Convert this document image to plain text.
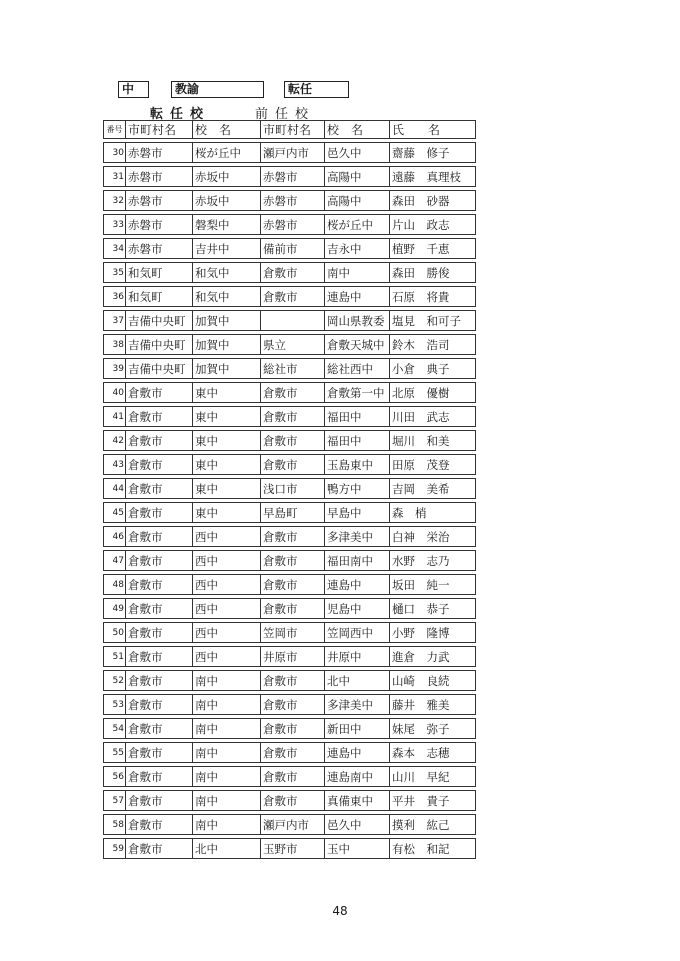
中	教諭	転任
転任校	前任校
番号	市町村名	校　名	市町村名	校　名	氏　　名

30	赤磐市	桜が丘中	瀬戸内市	邑久中	齋藤　修子

31	赤磐市	赤坂中	赤磐市	高陽中	遠藤　真理枝

32	赤磐市	赤坂中	赤磐市	高陽中	森田　砂器

33	赤磐市	磐梨中	赤磐市	桜が丘中	片山　政志

34	赤磐市	吉井中	備前市	吉永中	植野　千恵

35	和気町	和気中	倉敷市	南中	森田　勝俊

36	和気町	和気中	倉敷市	連島中	石原　将貴

37	吉備中央町	加賀中		岡山県教委	塩見　和可子

38	吉備中央町	加賀中	県立	倉敷天城中	鈴木　浩司

39	吉備中央町	加賀中	総社市	総社西中	小倉　典子

40	倉敷市	東中	倉敷市	倉敷第一中	北原　優樹

41	倉敷市	東中	倉敷市	福田中	川田　武志

42	倉敷市	東中	倉敷市	福田中	堀川　和美

43	倉敷市	東中	倉敷市	玉島東中	田原　茂登

44	倉敷市	東中	浅口市	鴨方中	吉岡　美希

45	倉敷市	東中	早島町	早島中	森　梢

46	倉敷市	西中	倉敷市	多津美中	白神　栄治

47	倉敷市	西中	倉敷市	福田南中	水野　志乃

48	倉敷市	西中	倉敷市	連島中	坂田　純一

49	倉敷市	西中	倉敷市	児島中	樋口　恭子

50	倉敷市	西中	笠岡市	笠岡西中	小野　隆博

51	倉敷市	西中	井原市	井原中	進倉　力武

52	倉敷市	南中	倉敷市	北中	山崎　良続

53	倉敷市	南中	倉敷市	多津美中	藤井　雅美

54	倉敷市	南中	倉敷市	新田中	妹尾　弥子

55	倉敷市	南中	倉敷市	連島中	森本　志穂

56	倉敷市	南中	倉敷市	連島南中	山川　早紀

57	倉敷市	南中	倉敷市	真備東中	平井　貴子

58	倉敷市	南中	瀬戸内市	邑久中	摸利　紘己

59	倉敷市	北中	玉野市	玉中	有松　和記
48
